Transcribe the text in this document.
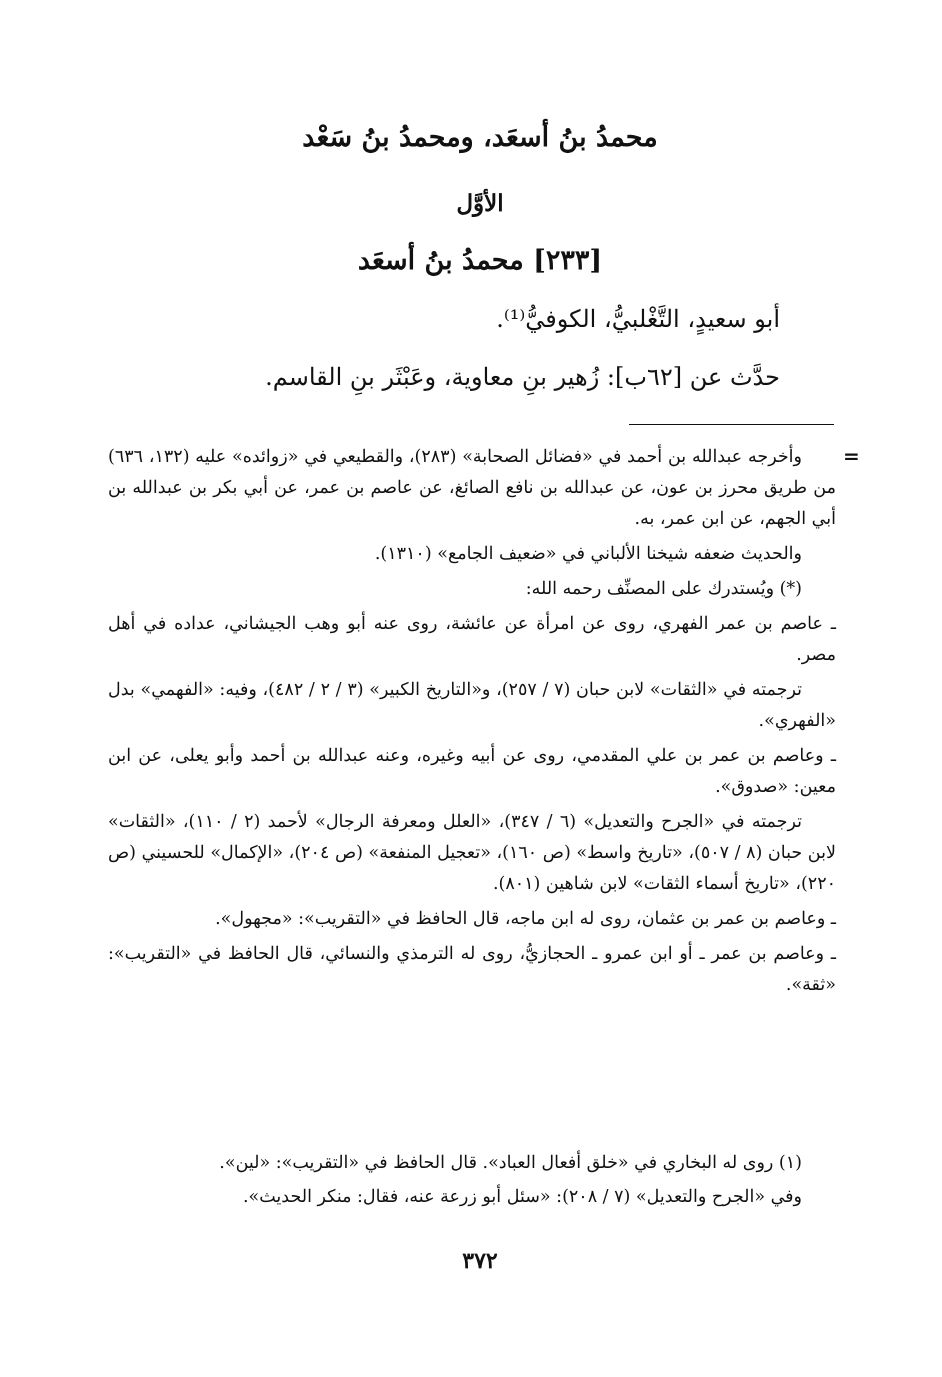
محمدُ بنُ أسعَد، ومحمدُ بنُ سَعْد
الأوَّل
[٢٣٣] محمدُ بنُ أسعَد
أبو سعيدٍ، التَّغْلبيُّ، الكوفيُّ⁽¹⁾.
حدَّث عن [٦٢ب]: زُهير بنِ معاوية، وعَبْثَر بنِ القاسم.
=

وأخرجه عبدالله بن أحمد في «فضائل الصحابة» (٢٨٣)، والقطيعي في «زوائده» عليه (١٣٢، ٦٣٦) من طريق محرز بن عون، عن عبدالله بن نافع الصائغ، عن عاصم بن عمر، عن أبي بكر بن عبدالله بن أبي الجهم، عن ابن عمر، به.

والحديث ضعفه شيخنا الألباني في «ضعيف الجامع» (١٣١٠).

(*) ويُستدرك على المصنِّف رحمه الله:

ـ عاصم بن عمر الفهري، روى عن امرأة عن عائشة، روى عنه أبو وهب الجيشاني، عداده في أهل مصر.

ترجمته في «الثقات» لابن حبان (٧ / ٢٥٧)، و«التاريخ الكبير» (٣ / ٢ / ٤٨٢)، وفيه: «الفهمي» بدل «الفهري».

ـ وعاصم بن عمر بن علي المقدمي، روى عن أبيه وغيره، وعنه عبدالله بن أحمد وأبو يعلى، عن ابن معين: «صدوق».

ترجمته في «الجرح والتعديل» (٦ / ٣٤٧)، «العلل ومعرفة الرجال» لأحمد (٢ / ١١٠)، «الثقات» لابن حبان (٨ / ٥٠٧)، «تاريخ واسط» (ص ١٦٠)، «تعجيل المنفعة» (ص ٢٠٤)، «الإكمال» للحسيني (ص ٢٢٠)، «تاريخ أسماء الثقات» لابن شاهين (٨٠١).

ـ وعاصم بن عمر بن عثمان، روى له ابن ماجه، قال الحافظ في «التقريب»: «مجهول».

ـ وعاصم بن عمر ـ أو ابن عمرو ـ الحجازيُّ، روى له الترمذي والنسائي، قال الحافظ في «التقريب»: «ثقة».

(١) روى له البخاري في «خلق أفعال العباد». قال الحافظ في «التقريب»: «لين».

وفي «الجرح والتعديل» (٧ / ٢٠٨): «سئل أبو زرعة عنه، فقال: منكر الحديث».

٣٧٢
